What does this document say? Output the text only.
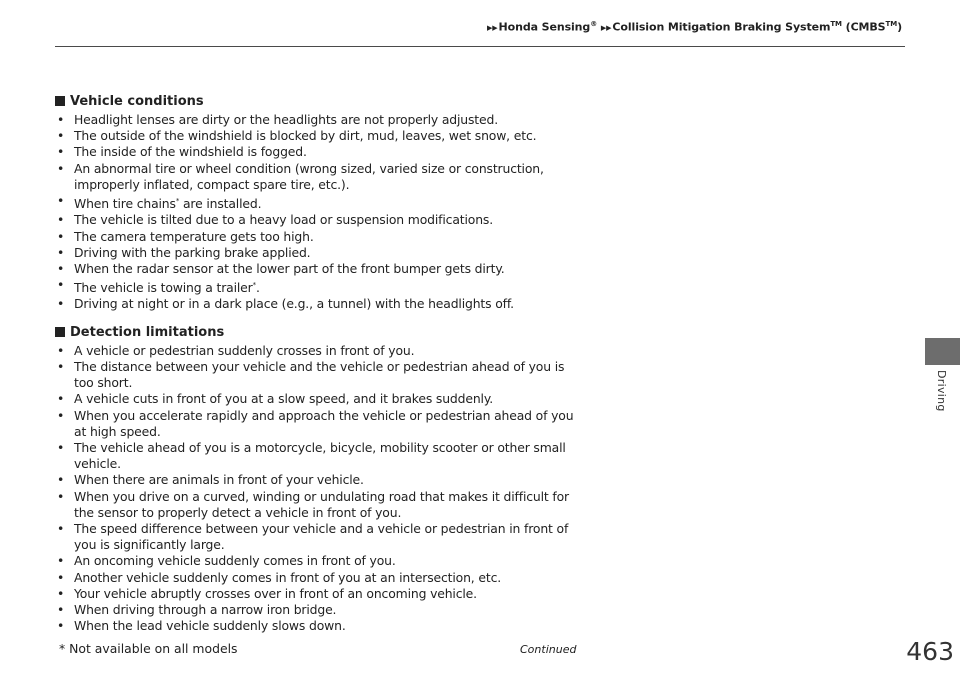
▶▶Honda Sensing® ▶▶Collision Mitigation Braking System™ (CMBS™)
Vehicle conditions
• Headlight lenses are dirty or the headlights are not properly adjusted.
• The outside of the windshield is blocked by dirt, mud, leaves, wet snow, etc.
• The inside of the windshield is fogged.
• An abnormal tire or wheel condition (wrong sized, varied size or construction, improperly inflated, compact spare tire, etc.).
• When tire chains* are installed.
• The vehicle is tilted due to a heavy load or suspension modifications.
• The camera temperature gets too high.
• Driving with the parking brake applied.
• When the radar sensor at the lower part of the front bumper gets dirty.
• The vehicle is towing a trailer*.
• Driving at night or in a dark place (e.g., a tunnel) with the headlights off.
Detection limitations
• A vehicle or pedestrian suddenly crosses in front of you.
• The distance between your vehicle and the vehicle or pedestrian ahead of you is too short.
• A vehicle cuts in front of you at a slow speed, and it brakes suddenly.
• When you accelerate rapidly and approach the vehicle or pedestrian ahead of you at high speed.
• The vehicle ahead of you is a motorcycle, bicycle, mobility scooter or other small vehicle.
• When there are animals in front of your vehicle.
• When you drive on a curved, winding or undulating road that makes it difficult for the sensor to properly detect a vehicle in front of you.
• The speed difference between your vehicle and a vehicle or pedestrian in front of you is significantly large.
• An oncoming vehicle suddenly comes in front of you.
• Another vehicle suddenly comes in front of you at an intersection, etc.
• Your vehicle abruptly crosses over in front of an oncoming vehicle.
• When driving through a narrow iron bridge.
• When the lead vehicle suddenly slows down.
Driving
* Not available on all models	Continued	463
